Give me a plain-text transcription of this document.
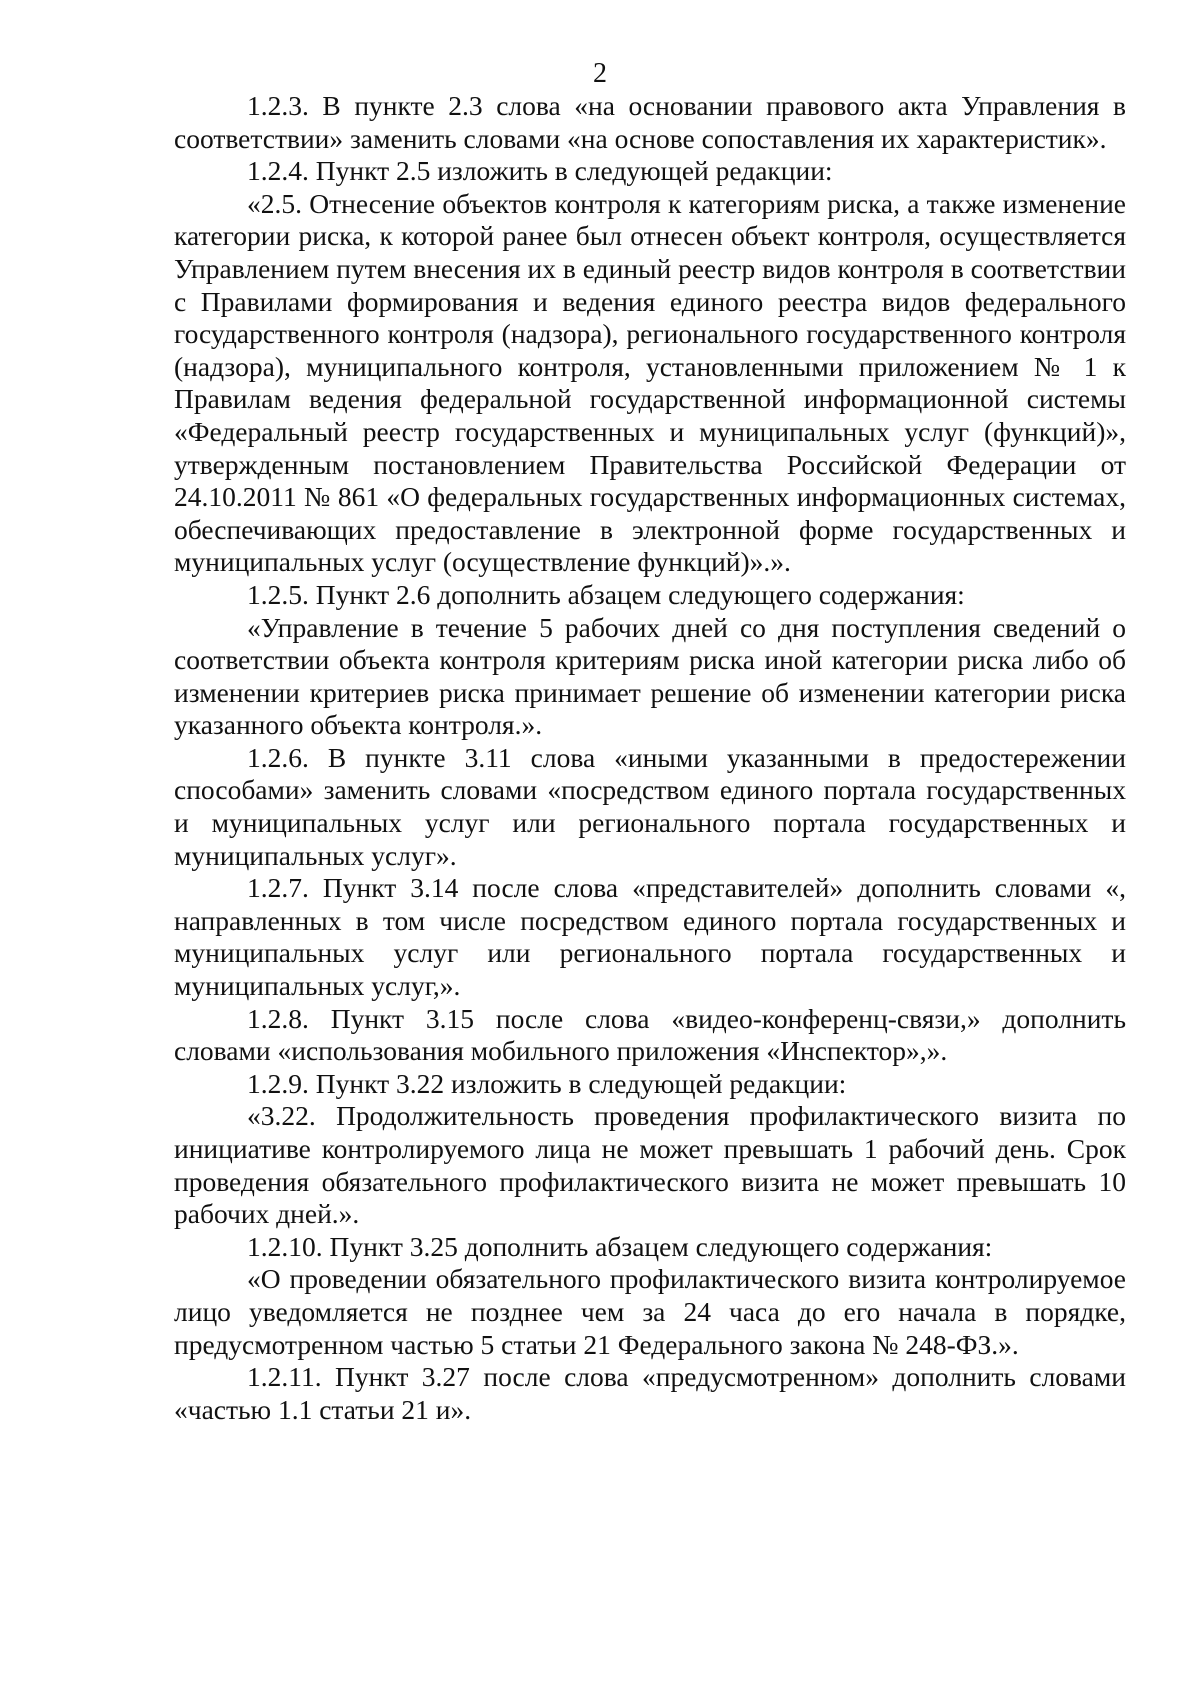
2

1.2.3. В пункте 2.3 слова «на основании правового акта Управления в соответствии» заменить словами «на основе сопоставления их характеристик».

1.2.4. Пункт 2.5 изложить в следующей редакции:

«2.5. Отнесение объектов контроля к категориям риска, а также изменение категории риска, к которой ранее был отнесен объект контроля, осуществляется Управлением путем внесения их в единый реестр видов контроля в соответствии с Правилами формирования и ведения единого реестра видов федерального государственного контроля (надзора), регионального государственного контроля (надзора), муниципального контроля, установленными приложением № 1 к Правилам ведения федеральной государственной информационной системы «Федеральный реестр государственных и муниципальных услуг (функций)», утвержденным постановлением Правительства Российской Федерации от 24.10.2011 № 861 «О федеральных государственных информационных системах, обеспечивающих предоставление в электронной форме государственных и муниципальных услуг (осуществление функций)».».

1.2.5. Пункт 2.6 дополнить абзацем следующего содержания:

«Управление в течение 5 рабочих дней со дня поступления сведений о соответствии объекта контроля критериям риска иной категории риска либо об изменении критериев риска принимает решение об изменении категории риска указанного объекта контроля.».

1.2.6. В пункте 3.11 слова «иными указанными в предостережении способами» заменить словами «посредством единого портала государственных и муниципальных услуг или регионального портала государственных и муниципальных услуг».

1.2.7. Пункт 3.14 после слова «представителей» дополнить словами «, направленных в том числе посредством единого портала государственных и муниципальных услуг или регионального портала государственных и муниципальных услуг,».

1.2.8. Пункт 3.15 после слова «видео-конференц-связи,» дополнить словами «использования мобильного приложения «Инспектор»,».

1.2.9. Пункт 3.22 изложить в следующей редакции:

«3.22. Продолжительность проведения профилактического визита по инициативе контролируемого лица не может превышать 1 рабочий день. Срок проведения обязательного профилактического визита не может превышать 10 рабочих дней.».

1.2.10. Пункт 3.25 дополнить абзацем следующего содержания:

«О проведении обязательного профилактического визита контролируемое лицо уведомляется не позднее чем за 24 часа до его начала в порядке, предусмотренном частью 5 статьи 21 Федерального закона № 248-ФЗ.».

1.2.11. Пункт 3.27 после слова «предусмотренном» дополнить словами «частью 1.1 статьи 21 и».
